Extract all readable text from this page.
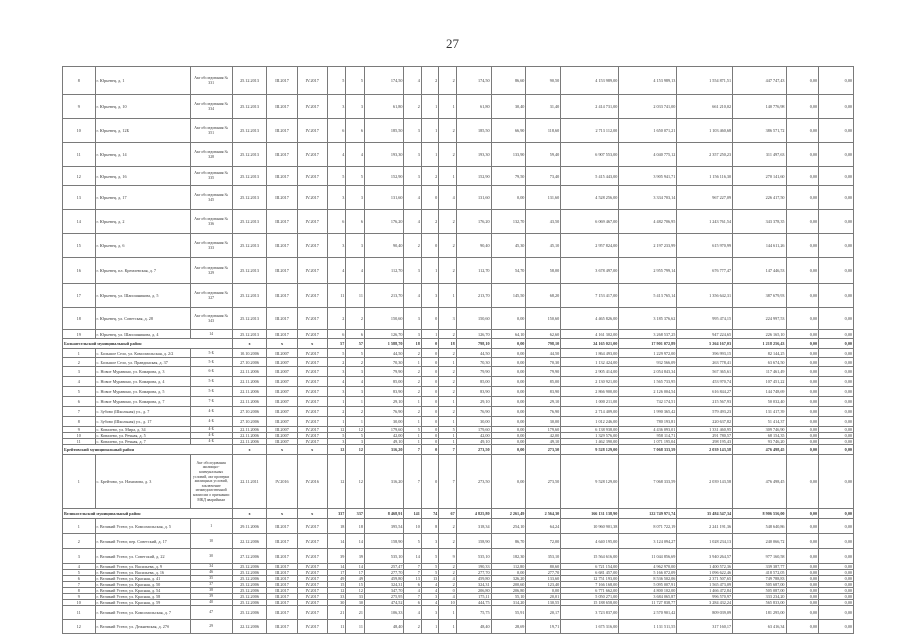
27
8	г. Юрьевец, д. 1	Акт обследования № 331	25.12.2013	III.2017	IV.2017	5	5	174,50	4	2	2	174,50	86,60	90,50	4 153 989,00	4 153 989,13	1 554 871,51	447 747,43	0,00	0,00
9	г. Юрьевец, д. 10	Акт обследования № 334	25.12.2013	III.2017	IV.2017	3	3	61,80	2	1	1	61,80	30,40	31,40	2 414 731,00	2 033 741,00	661 210,02	140 776,98	0,00	0,00
10	г. Юрьевец, д. 12Б	Акт обследования № 351	25.12.2013	III.2017	IV.2017	6	6	185,50	3	1	2	185,50	66,90	118,60	2 713 112,00	1 650 071,21	1 103 460,68	386 571,72	0,00	0,00
11	г. Юрьевец, д. 14	Акт обследования № 328	25.12.2013	III.2017	IV.2017	4	4	193,30	3	1	2	193,30	133,90	59,40	6 907 553,00	4 040 775,12	2 357 250,23	311 497,63	0,00	0,00
12	г. Юрьевец, д. 16	Акт обследования № 335	25.12.2013	III.2017	IV.2017	5	5	152,90	3	2	1	152,90	79,50	73,40	5 415 443,00	3 905 941,71	1 156 116,30	270 141,60	0,00	0,00
13	г. Юрьевец, д. 17	Акт обследования № 345	25.12.2013	III.2017	IV.2017	3	3	131,60	4	0	4	131,60	0,00	131,60	4 528 256,00	3 334 703,14	967 227,09	226 417,50	0,00	0,00
14	г. Юрьевец, д. 2	Акт обследования № 336	25.12.2013	III.2017	IV.2017	6	6	176,20	4	2	2	176,20	132,70	43,50	6 069 467,00	4 482 706,95	1 243 761,54	343 378,35	0,00	0,00
15	г. Юрьевец, д. 6	Акт обследования № 333	25.12.2013	III.2017	IV.2017	3	3	90,40	2	0	2	90,40	45,30	45,10	2 957 824,00	2 197 233,99	615 970,99	144 611,26	0,00	0,00
16	г. Юрьевец, пл. Кремлевская, д. 7	Акт обследования № 329	25.12.2013	III.2017	IV.2017	4	4	112,70	3	1	2	112,70	54,70	58,00	3 678 497,00	2 955 799,14	676 777,47	147 446,53	0,00	0,00
17	г. Юрьевец, ул. Шапошникова, д. 5	Акт обследования № 327	25.12.2013	III.2017	IV.2017	11	11	213,70	4	3	1	213,70	145,50	68,20	7 153 417,00	5 413 765,14	1 356 642,31	387 679,93	0,00	0,00
18	г. Юрьевец, ул. Советская, д. 28	Акт обследования № 343	25.12.2013	III.2017	IV.2017	2	2	150,60	3	0	3	150,60	0,00	150,60	4 465 826,00	3 185 376,62	995 474,15	224 997,53	0,00	0,00
19	г. Юрьевец, ул. Шапошникова, д. 4	14	25.12.2013	III.2017	IV.2017	6	6	126,70	3	1	2	126,70	64,10	62,60	4 161 302,00	3 268 537,25	947 224,65	226 165,10	0,00	0,00
Большесельский муниципальный район			x	x	x	57	57	1 588,70	18	0	18	798,10	0,00	798,10	24 165 021,00	17 901 072,89	5 264 167,03	1 218 256,43	0,00	0,00
1	с. Большое Село, ул. Комсомольская, д. 2/2	5-Б	10.10.2006	III.2007	IV.2017	5	5	44,50	2	0	2	44,50	0,00	44,50	1 864 493,00	1 229 972,00	396 993,15	82 144,25	0,00	0,00
2	с. Большое Село, ул. Правдинская, д. 37	5-Б	27.10.2006	III.2007	IV.2017	2	2	70,30	1	0	1	70,30	0,00	70,30	1 132 424,00	932 566,09	263 778,41	63 674,50	0,00	0,00
3	с. Новое Муравино, ул. Комарова, д. 3	6-Б	22.11.2006	III.2007	IV.2017	3	3	79,90	2	0	2	79,90	0,00	79,90	2 905 414,00	2 054 843,34	567 365,61	117 461,49	0,00	0,00
4	с. Новое Муравино, ул. Комарова, д. 4	5-Б	22.11.2006	III.2007	IV.2017	4	4	85,00	2	0	2	85,00	0,00	85,00	2 130 921,00	1 565 733,95	453 970,74	107 451,22	0,00	0,00
5	с. Новое Муравино, ул. Комарова, д. 5	5-Б	22.11.2006	III.2007	IV.2017	3	3	83,90	2	0	2	83,90	0,00	83,90	2 866 900,00	2 126 004,54	616 844,27	144 748,69	0,00	0,00
6	с. Новое Муравино, ул. Комарова, д. 7	7-Б	22.11.2006	III.2007	IV.2017	1	1	29,10	1	0	1	29,10	0,00	29,10	1 000 211,00	742 174,51	215 567,93	50 032,40	0,00	0,00
7	с. Зубово (Школьная) ул., д. 7	4-Б	27.10.2006	III.2007	IV.2017	2	2	76,90	2	0	2	76,90	0,00	76,90	2 714 409,00	1 990 365,42	579 493,23	131 417,39	0,00	0,00
8	с. Зубово (Школьная) ул., д. 17	4-Б	27.10.2006	III.2007	IV.2017	1	1	30,00	1	0	1	30,00	0,00	30,00	1 012 246,00	780 193,81	220 637,82	51 414,37	0,00	0,00
9	с. Ковалево, ул. Мира, д. 34	4-Б	22.11.2006	III.2007	IV.2017	12	12	179,60	5	0	5	179,60	0,00	179,60	6 138 938,00	4 436 093,01	1 331 460,95	309 746,90	0,00	0,00
10	с. Ковалево, ул. Речная, д. 5	4-Б	22.11.2006	III.2007	IV.2017	5	5	42,00	1	0	1	42,00	0,00	42,00	1 329 576,00	958 114,71	291 780,57	68 154,35	0,00	0,00
11	с. Ковалево, ул. Речная, д. 7	4-Б	22.11.2006	III.2007	IV.2017	3	3	49,10	1	0	1	49,10	0,00	49,10	1 462 390,00	1 071 195,04	298 195,43	93 746,20	0,00	0,00
Брейтовский муниципальный район			x	x	x	12	12	316,20	7	0	7	273,50	0,00	273,50	9 528 129,00	7 068 333,59	2 039 143,58	476 498,45	0,00	0,00
1	с. Брейтово, ул. Нахимова, д. 3	Акт обследования жилищно-коммунальных условий, акт проверки жилищных условий, заключение межведомственной комиссии о признании МКД аварийным	22.11.2011	IV.2016	IV.2016	12	12	316,20	7	0	7	273,50	0,00	273,50	9 528 129,00	7 068 333,59	2 039 143,58	476 498,45	0,00	0,00
Великосельский муниципальный район			x	x	x	337	337	8 468,91	141	74	67	4 825,80	2 261,49	2 564,30	166 131 138,90	122 749 971,74	35 484 547,34	8 906 556,00	0,00	0,00
1	г. Великий Устюг, ул. Комсомольская, д. 5	1	29.11.2006	III.2017	IV.2017	18	18	395,54	10	8	2	318,34	254,10	64,24	10 960 901,38	8 071 722,19	2 241 191,36	548 640,86	0,00	0,00
2	г. Великий Устюг, пер. Советский, д. 17	10	22.12.2006	III.2017	IV.2017	14	14	158,90	5	3	2	158,90	86,70	72,00	4 640 195,00	3 124 094,27	1 028 234,13	240 066,72	0,00	0,00
3	г. Великий Устюг, ул. Советский, д. 22	30	27.12.2006	III.2017	IV.2017	39	39	535,10	14	5	9	535,10	182,30	353,10	15 564 616,00	11 044 856,69	3 940 264,57	977 160,58	0,00	0,00
4	г. Великий Устюг, ул. Васильева, д. 9	34	25.12.2006	III.2017	IV.2017	14	14	257,47	7	5	2	190,33	112,80	80,60	6 721 154,00	4 962 970,00	1 400 572,36	339 387,77	0,00	0,00
5	г. Великий Устюг, ул. Васильева, д. 16	46	25.12.2006	III.2017	IV.2017	17	17	277,70	7	5	2	277,70	0,00	277,70	6 681 457,00	5 166 072,09	1 096 622,46	418 572,05	0,00	0,00
6	г. Великий Устюг, ул. Красная, д. 41	35	25.12.2006	III.2017	IV.2017	49	49	459,80	13	13	4	459,80	326,20	133,60	12 751 193,00	8 536 502,06	2 371 507,65	749 788,83	0,00	0,00
7	г. Великий Устюг, ул. Красная, д. 50	37	25.12.2006	III.2017	IV.2017	15	15	324,31	6	4	2	324,31	200,60	123,40	7 166 168,00	5 095 007,91	1 565 473,09	505 687,00	0,00	0,00
8	г. Великий Устюг, ул. Красная, д. 54	38	25.12.2006	III.2017	IV.2017	12	12	347,70	4	4	0	206,80	206,80	0,00	6 771 662,00	4 800 102,00	1 466 472,84	505 087,00	0,00	0,00
9	г. Великий Устюг, ул. Красная, д. 58	39	25.12.2006	III.2017	IV.2017	33	33	275,95	7	3	4	175,11	55,10	20,01	5 050 271,00	3 684 065,87	996 570,97	333 234,20	0,00	0,00
10	г. Великий Устюг, ул. Красная, д. 59	40	25.12.2006	III.2017	IV.2017	30	30	474,52	6	4	10	444,75	314,20	130,55	15 188 658,00	11 727 838,77	3 284 432,24	565 833,00	0,00	0,00
11	г. Великий Устюг, ул. Комсомольская, д. 7	47	25.12.2006	III.2017	IV.2017	21	21	106,33	4	3	1	75,75	55,91	20,17	3 723 837,00	2 570 901,42	809 039,09	181 295,00	0,00	0,00
12	г. Великий Устюг, ул. Дежневская, д. 27б	29	22.12.2006	III.2017	IV.2017	11	11	48,40	2	1	1	48,40	28,69	19,71	1 675 316,00	1 131 511,55	317 160,17	63 416,34	0,00	0,00
